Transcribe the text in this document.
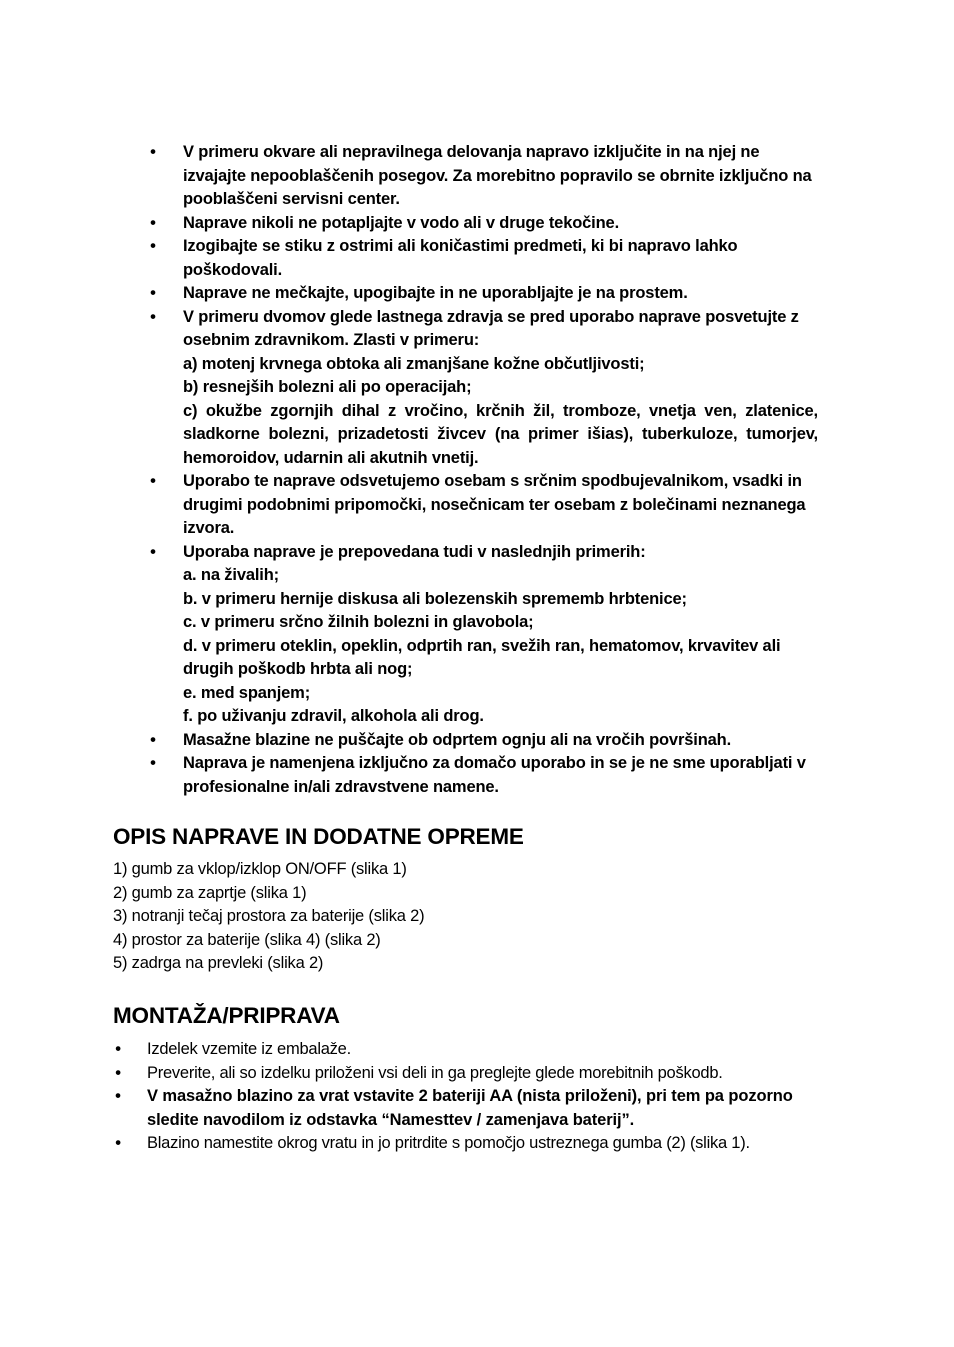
• V primeru okvare ali nepravilnega delovanja napravo izključite in na njej ne izvajajte nepooblaščenih posegov. Za morebitno popravilo se obrnite izključno na pooblaščeni servisni center.
• Naprave nikoli ne potapljajte v vodo ali v druge tekočine.
• Izogibajte se stiku z ostrimi ali koničastimi predmeti, ki bi napravo lahko poškodovali.
• Naprave ne mečkajte, upogibajte in ne uporabljajte je na prostem.
• V primeru dvomov glede lastnega zdravja se pred uporabo naprave posvetujte z osebnim zdravnikom. Zlasti v primeru:
a) motenj krvnega obtoka ali zmanjšane kožne občutljivosti;
b) resnejših bolezni ali po operacijah;
c) okužbe zgornjih dihal z vročino, krčnih žil, tromboze, vnetja ven, zlatenice, sladkorne bolezni, prizadetosti živcev (na primer išias), tuberkuloze, tumorjev, hemoroidov, udarnin ali akutnih vnetij.
• Uporabo te naprave odsvetujemo osebam s srčnim spodbujevalnikom, vsadki in drugimi podobnimi pripomočki, nosečnicam ter osebam z bolečinami neznanega izvora.
• Uporaba naprave je prepovedana tudi v naslednjih primerih:
a. na živalih;
b. v primeru hernije diskusa ali bolezenskih sprememb hrbtenice;
c. v primeru srčno žilnih bolezni in glavobola;
d. v primeru oteklin, opeklin, odprtih ran, svežih ran, hematomov, krvavitev ali drugih poškodb hrbta ali nog;
e. med spanjem;
f. po uživanju zdravil, alkohola ali drog.
• Masažne blazine ne puščajte ob odprtem ognju ali na vročih površinah.
• Naprava je namenjena izključno za domačo uporabo in se je ne sme uporabljati v profesionalne in/ali zdravstvene namene.
OPIS NAPRAVE IN DODATNE OPREME
1) gumb za vklop/izklop ON/OFF (slika 1)
2) gumb za zaprtje (slika 1)
3) notranji tečaj prostora za baterije (slika 2)
4) prostor za baterije (slika 4) (slika 2)
5) zadrga na prevleki (slika 2)
MONTAŽA/PRIPRAVA
• Izdelek vzemite iz embalaže.
• Preverite, ali so izdelku priloženi vsi deli in ga preglejte glede morebitnih poškodb.
• V masažno blazino za vrat vstavite 2 bateriji AA (nista priloženi), pri tem pa pozorno sledite navodilom iz odstavka “Namesttev / zamenjava baterij”.
• Blazino namestite okrog vratu in jo pritrdite s pomočjo ustreznega gumba (2) (slika 1).
